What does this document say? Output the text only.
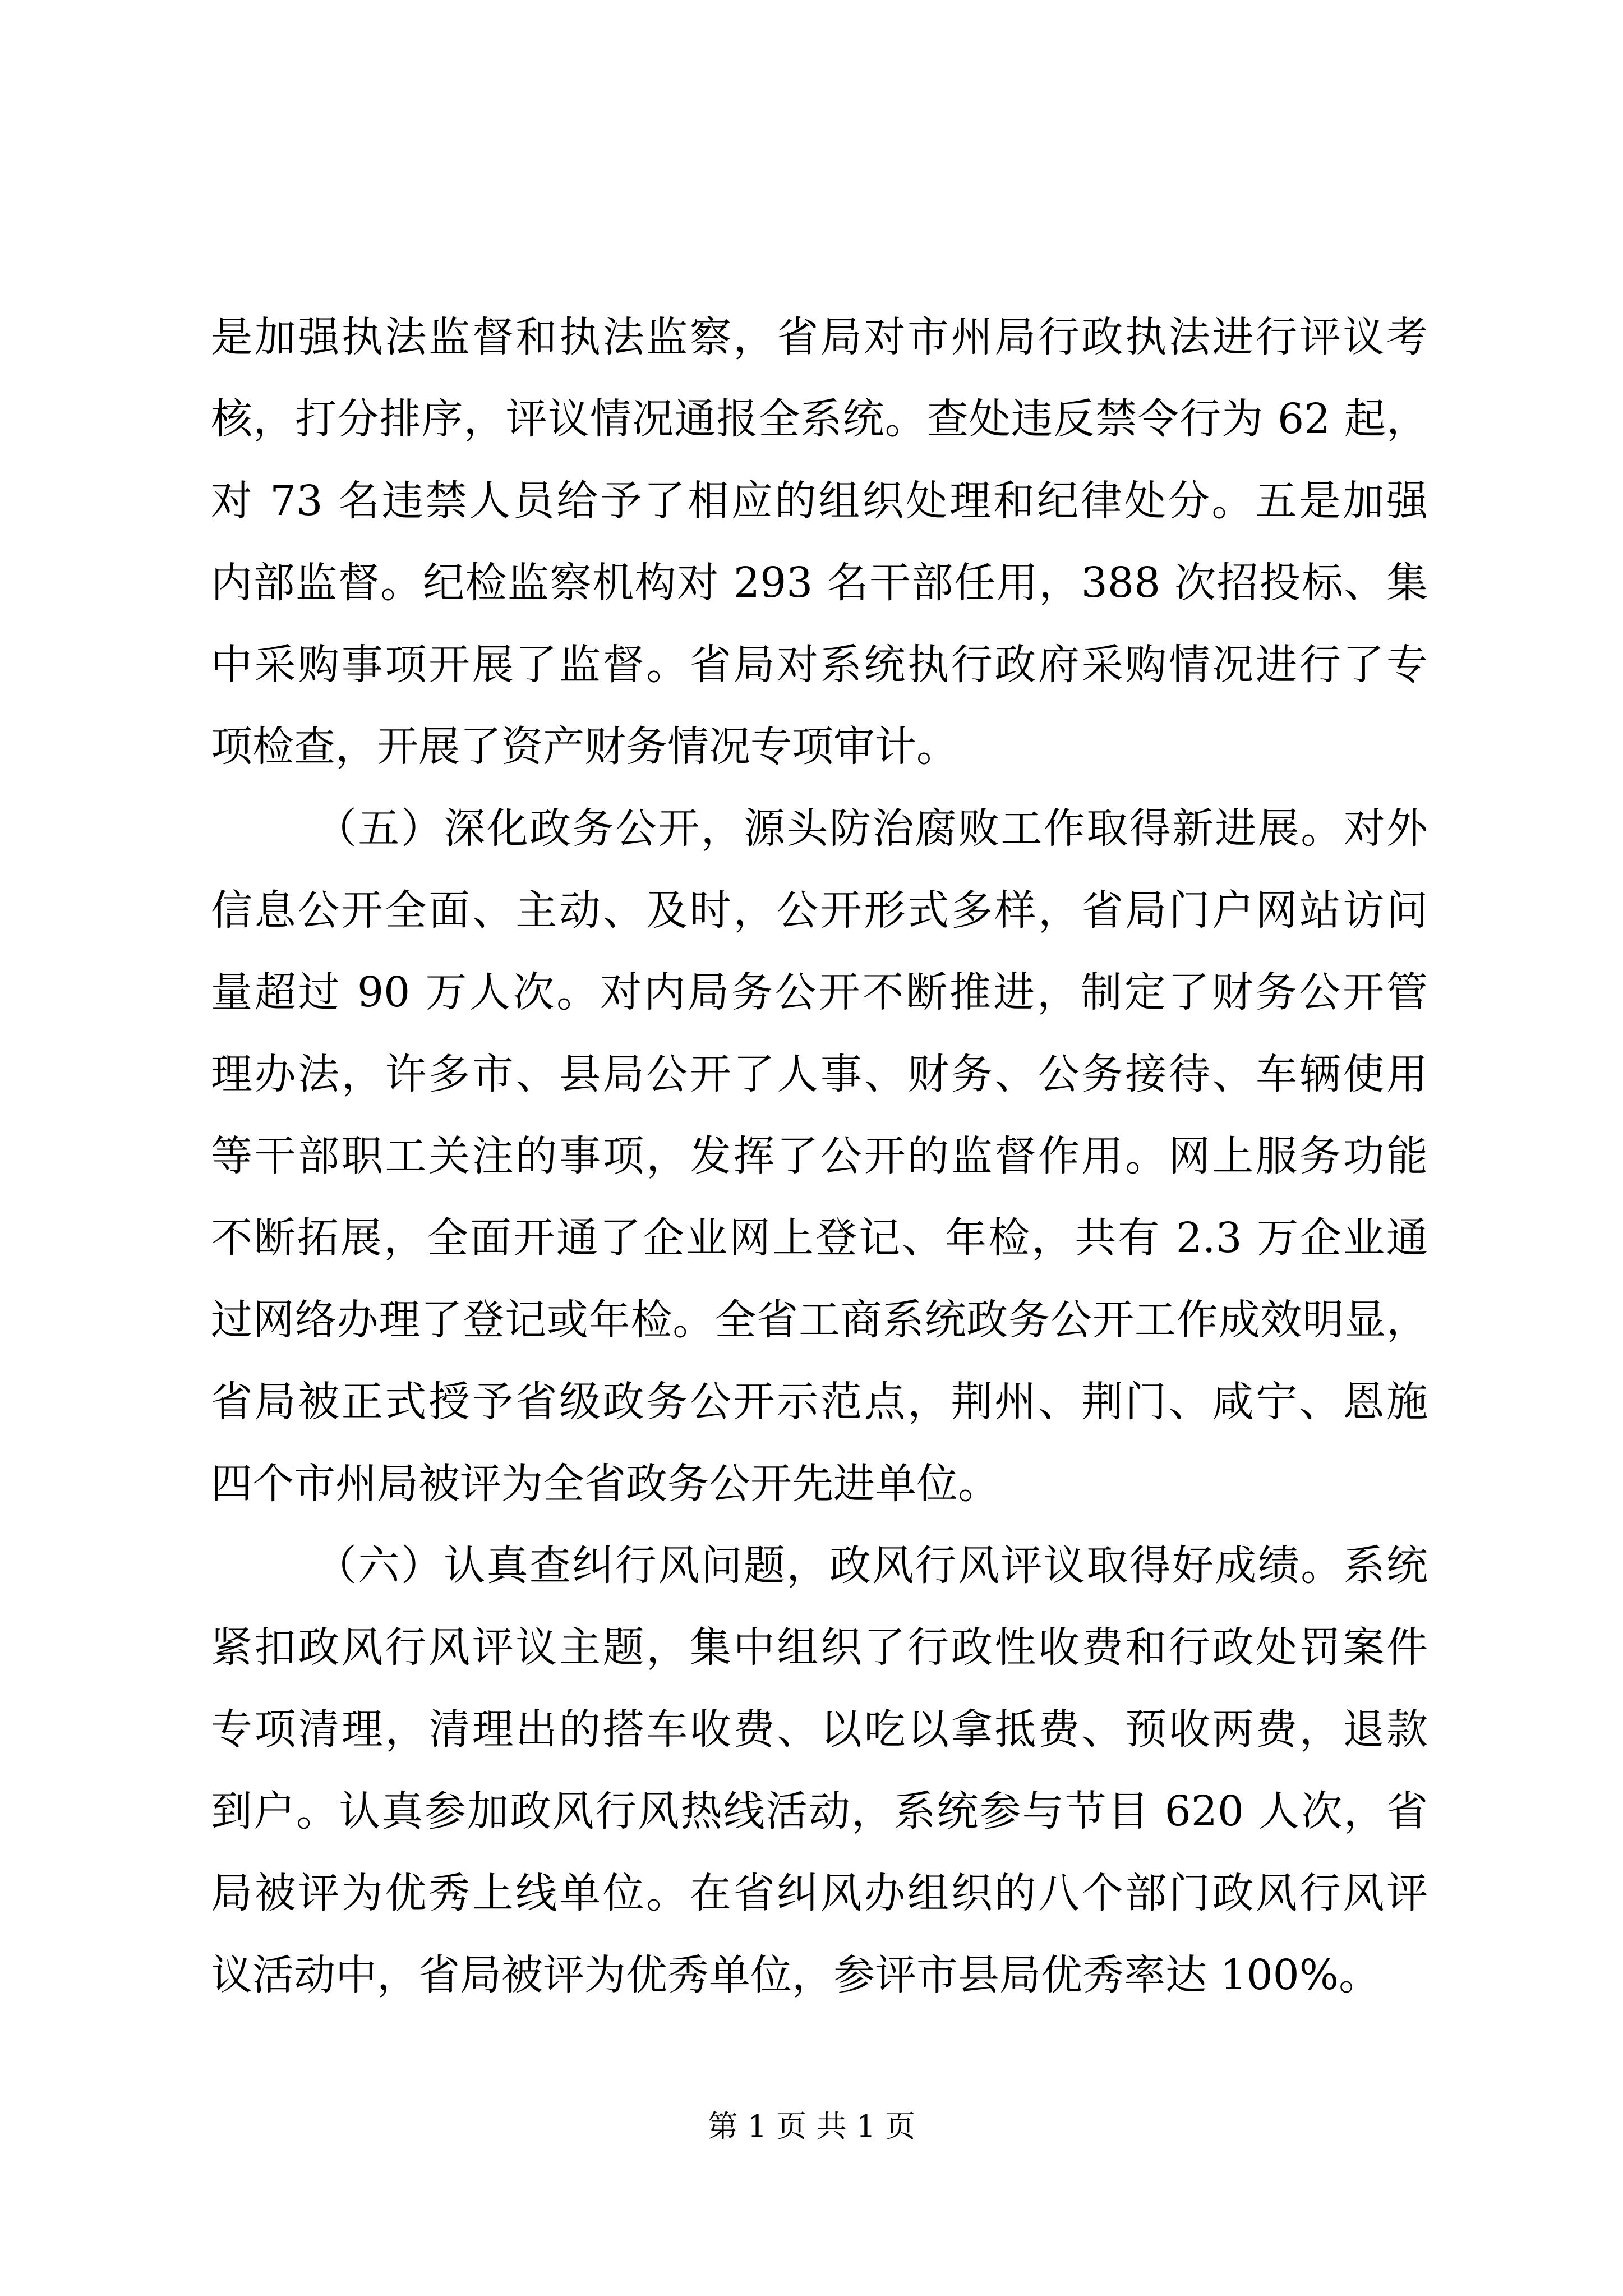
是加强执法监督和执法监察，省局对市州局行政执法进行评议考
核，打分排序，评议情况通报全系统。查处违反禁令行为 62 起，
对 73 名违禁人员给予了相应的组织处理和纪律处分。五是加强
内部监督。纪检监察机构对 293 名干部任用，388 次招投标、集
中采购事项开展了监督。省局对系统执行政府采购情况进行了专
项检查，开展了资产财务情况专项审计。
（五）深化政务公开，源头防治腐败工作取得新进展。对外
信息公开全面、主动、及时，公开形式多样，省局门户网站访问
量超过 90 万人次。对内局务公开不断推进，制定了财务公开管
理办法，许多市、县局公开了人事、财务、公务接待、车辆使用
等干部职工关注的事项，发挥了公开的监督作用。网上服务功能
不断拓展，全面开通了企业网上登记、年检，共有 2.3 万企业通
过网络办理了登记或年检。全省工商系统政务公开工作成效明显，
省局被正式授予省级政务公开示范点，荆州、荆门、咸宁、恩施
四个市州局被评为全省政务公开先进单位。
（六）认真查纠行风问题，政风行风评议取得好成绩。系统
紧扣政风行风评议主题，集中组织了行政性收费和行政处罚案件
专项清理，清理出的搭车收费、以吃以拿抵费、预收两费，退款
到户。认真参加政风行风热线活动，系统参与节目 620 人次，省
局被评为优秀上线单位。在省纠风办组织的八个部门政风行风评
议活动中，省局被评为优秀单位，参评市县局优秀率达 100%。
第 1 页 共 1 页
